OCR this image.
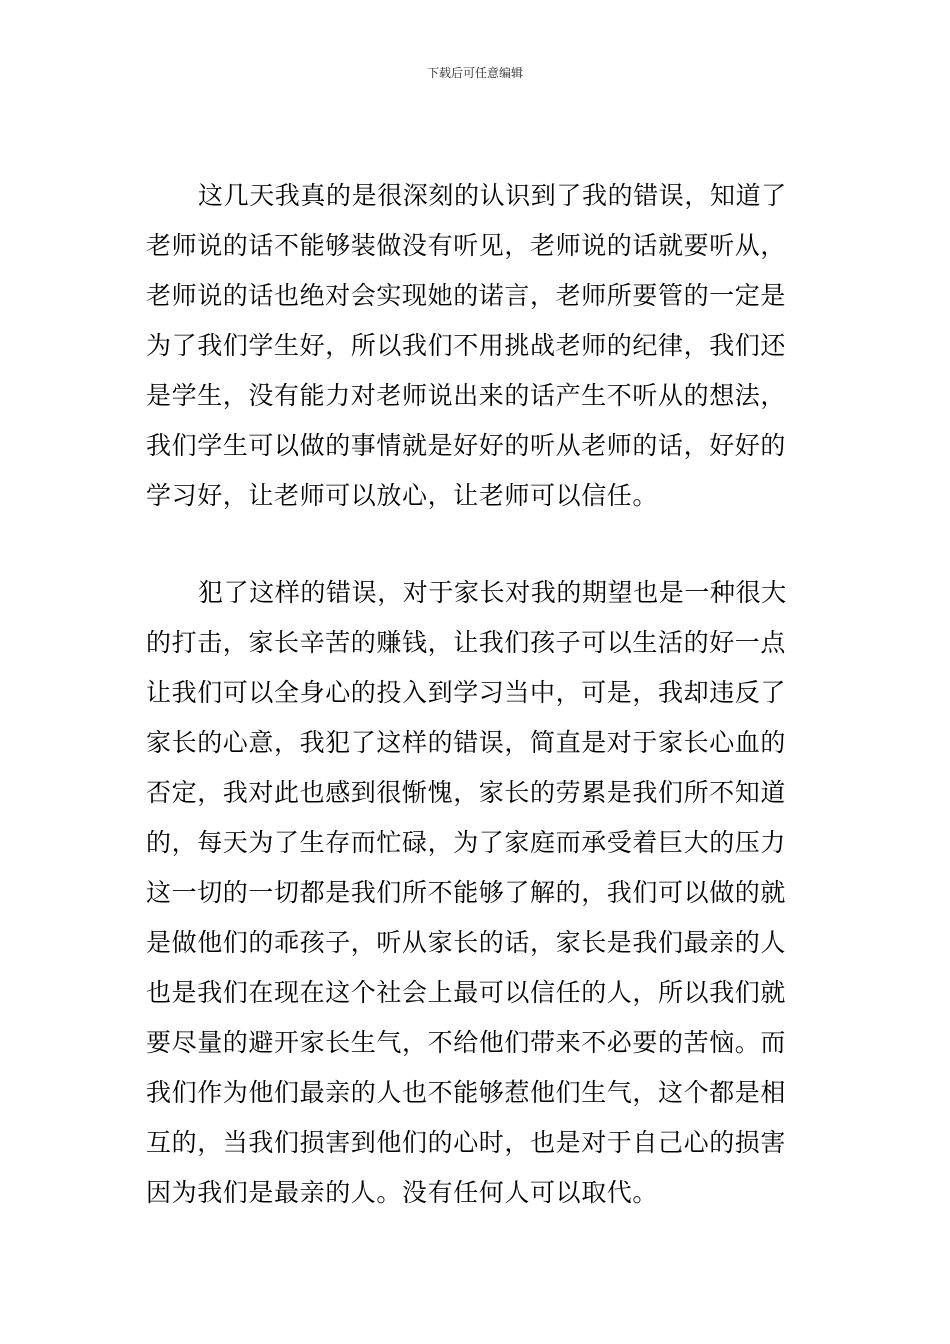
下载后可任意编辑
这几天我真的是很深刻的认识到了我的错误，知道了
老师说的话不能够装做没有听见，老师说的话就要听从，
老师说的话也绝对会实现她的诺言，老师所要管的一定是
为了我们学生好，所以我们不用挑战老师的纪律，我们还
是学生，没有能力对老师说出来的话产生不听从的想法，
我们学生可以做的事情就是好好的听从老师的话，好好的
学习好，让老师可以放心，让老师可以信任。
犯了这样的错误，对于家长对我的期望也是一种很大
的打击，家长辛苦的赚钱，让我们孩子可以生活的好一点
让我们可以全身心的投入到学习当中，可是，我却违反了
家长的心意，我犯了这样的错误，简直是对于家长心血的
否定，我对此也感到很惭愧，家长的劳累是我们所不知道
的，每天为了生存而忙碌，为了家庭而承受着巨大的压力
这一切的一切都是我们所不能够了解的，我们可以做的就
是做他们的乖孩子，听从家长的话，家长是我们最亲的人
也是我们在现在这个社会上最可以信任的人，所以我们就
要尽量的避开家长生气，不给他们带来不必要的苦恼。而
我们作为他们最亲的人也不能够惹他们生气，这个都是相
互的，当我们损害到他们的心时，也是对于自己心的损害
因为我们是最亲的人。没有任何人可以取代。
